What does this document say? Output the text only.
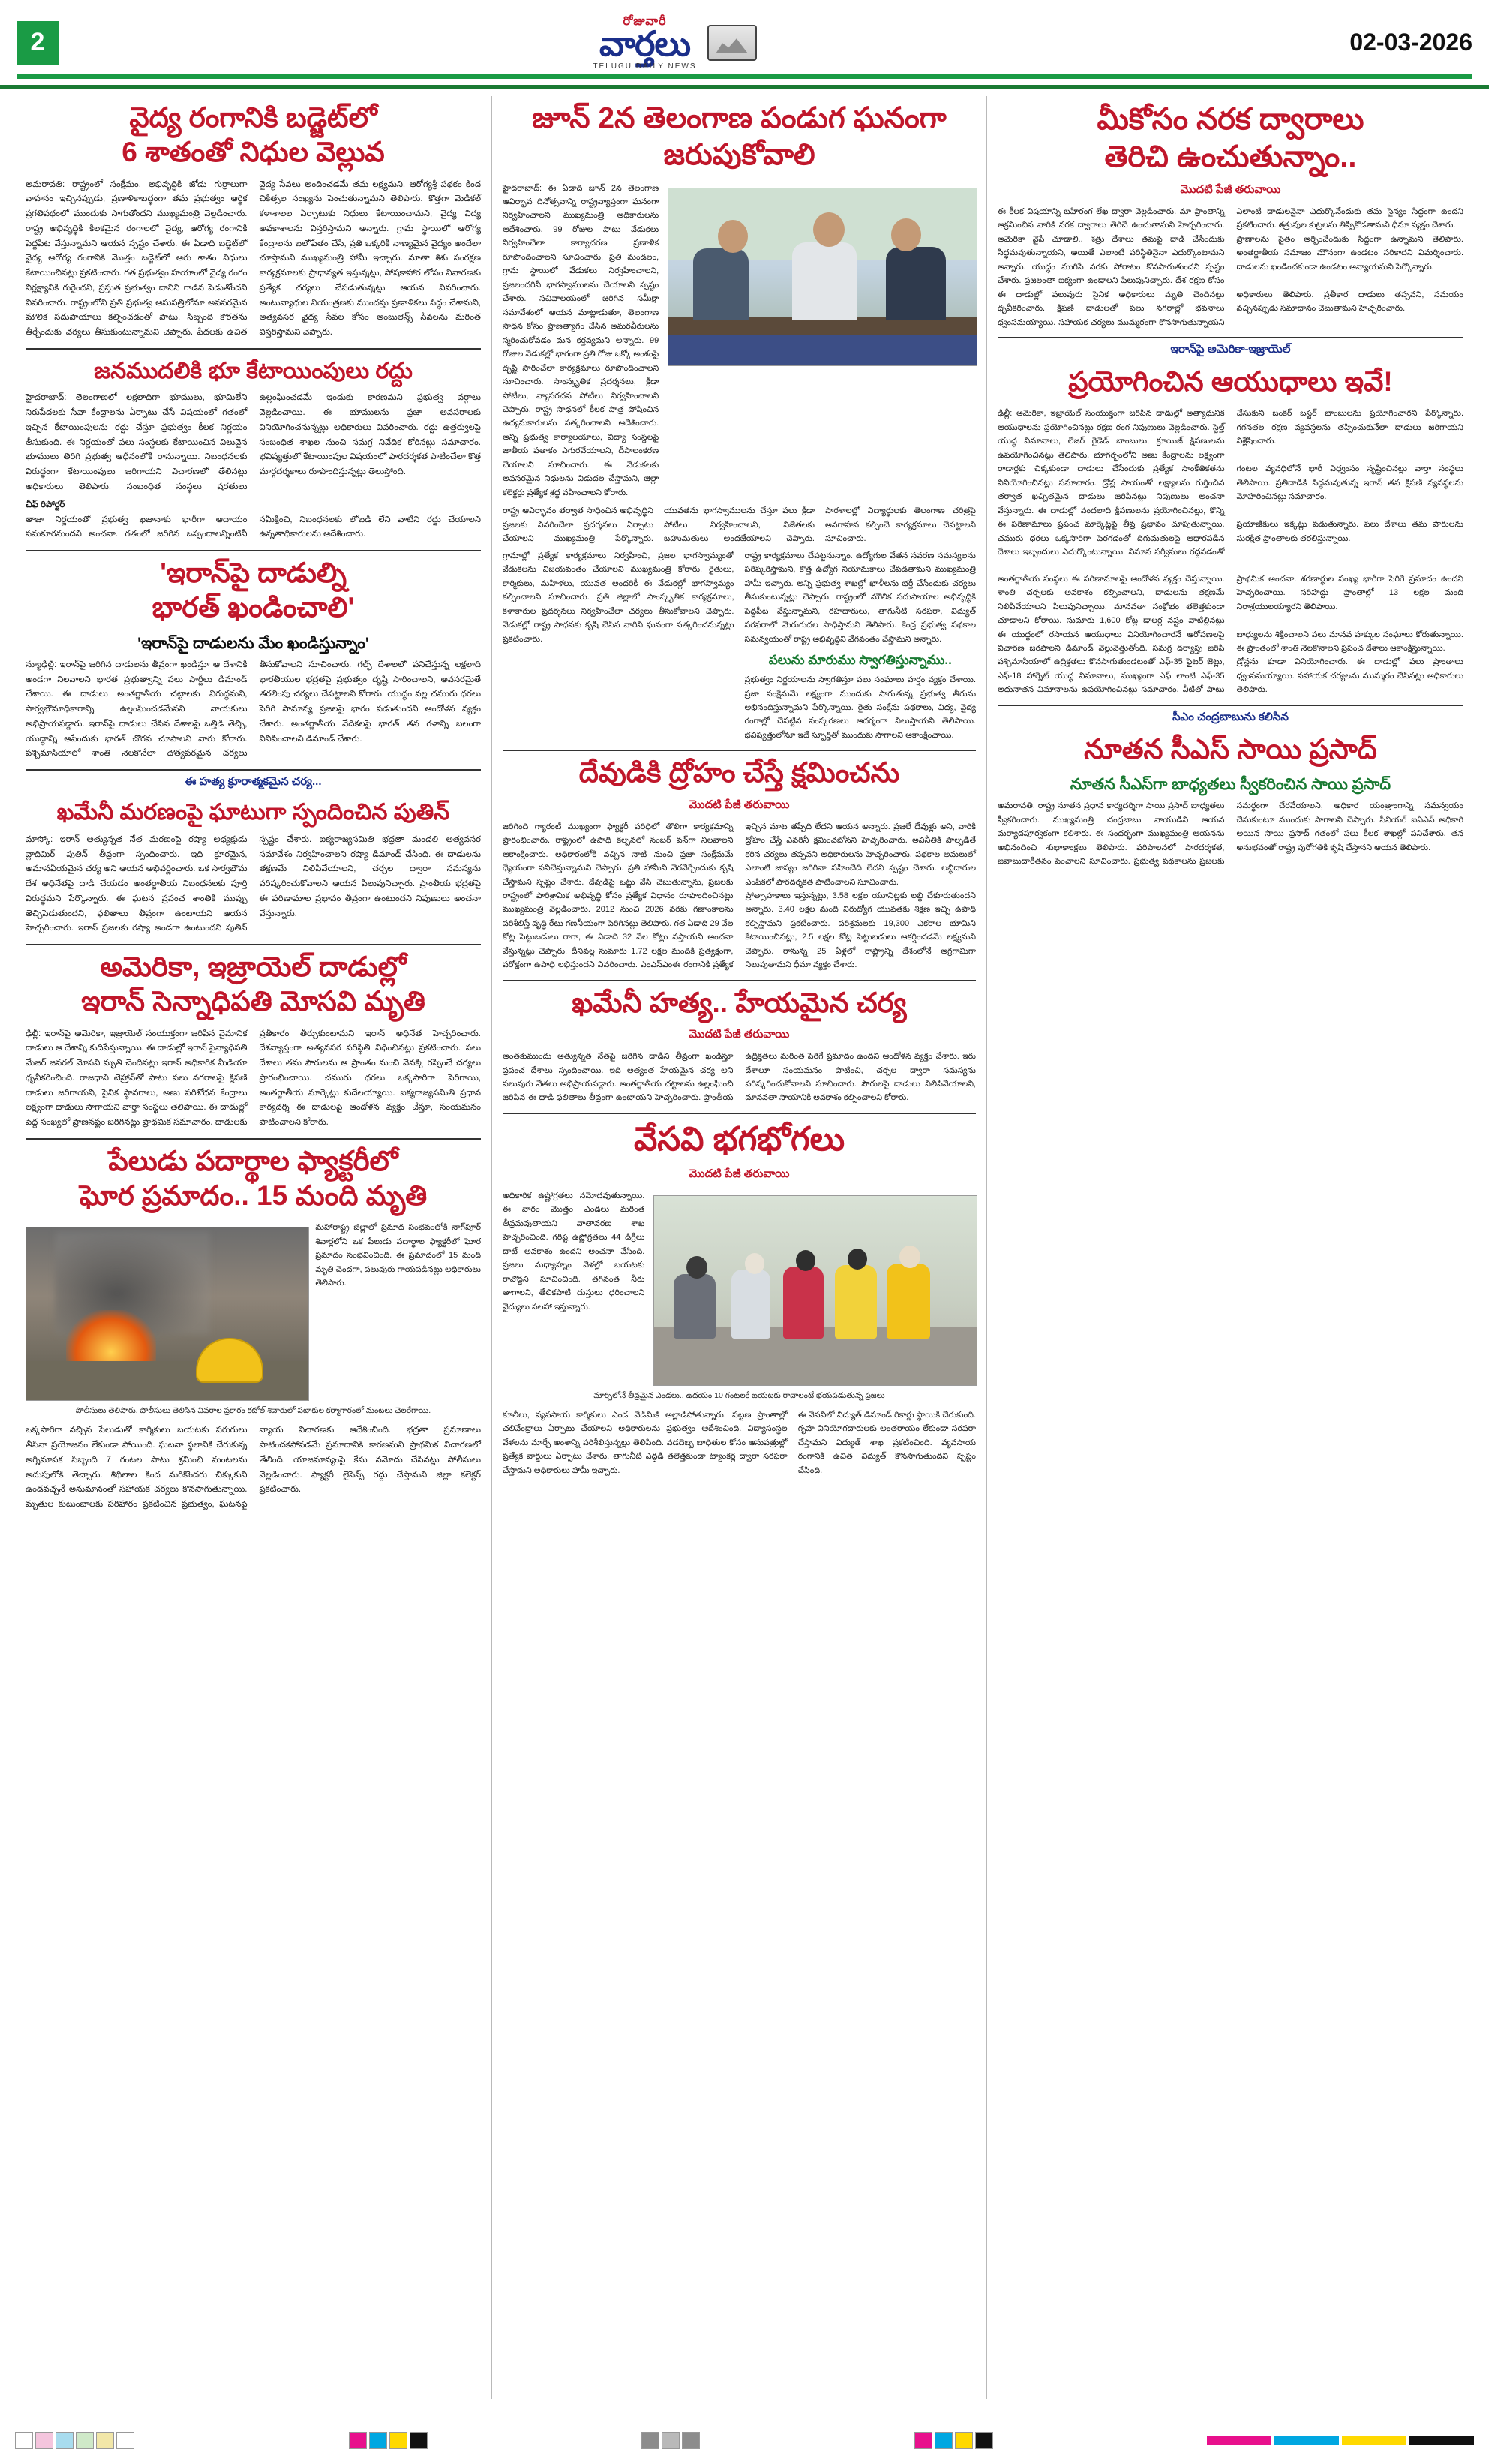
2
రోజువారీ
వార్తలు
TELUGU DAILY NEWS
02-03-2026
వైద్య రంగానికి బడ్జెట్‌లో
6 శాతంతో నిధుల వెల్లువ
అమరావతి: రాష్ట్రంలో సంక్షేమం, అభివృద్ధికి జోడు గుర్రాలుగా వాహనం ఇచ్చినప్పుడు, ప్రణాళికాబద్ధంగా తమ ప్రభుత్వం ఆర్థిక ప్రగతిపథంలో ముందుకు సాగుతోందని ముఖ్యమంత్రి వెల్లడించారు. రాష్ట్ర అభివృద్ధికి కీలకమైన రంగాలలో వైద్య, ఆరోగ్య రంగానికి పెద్దపీట వేస్తున్నామని ఆయన స్పష్టం చేశారు. ఈ ఏడాది బడ్జెట్‌లో వైద్య ఆరోగ్య రంగానికి మొత్తం బడ్జెట్‌లో ఆరు శాతం నిధులు కేటాయించినట్లు ప్రకటించారు. గత ప్రభుత్వం హయాంలో వైద్య రంగం నిర్లక్ష్యానికి గురైందని, ప్రస్తుత ప్రభుత్వం దానిని గాడిన పెడుతోందని వివరించారు. రాష్ట్రంలోని ప్రతి ప్రభుత్వ ఆసుపత్రిలోనూ అవసరమైన మౌలిక సదుపాయాలు కల్పించడంతో పాటు, సిబ్బంది కొరతను తీర్చేందుకు చర్యలు తీసుకుంటున్నామని చెప్పారు. పేదలకు ఉచిత వైద్య సేవలు అందించడమే తమ లక్ష్యమని, ఆరోగ్యశ్రీ పథకం కింద చికిత్సల సంఖ్యను పెంచుతున్నామని తెలిపారు. కొత్తగా మెడికల్ కళాశాలల ఏర్పాటుకు నిధులు కేటాయించామని, వైద్య విద్య అవకాశాలను విస్తరిస్తామని అన్నారు. గ్రామ స్థాయిలో ఆరోగ్య కేంద్రాలను బలోపేతం చేసి, ప్రతి ఒక్కరికీ నాణ్యమైన వైద్యం అందేలా చూస్తామని ముఖ్యమంత్రి హామీ ఇచ్చారు. మాతా శిశు సంరక్షణ కార్యక్రమాలకు ప్రాధాన్యత ఇస్తున్నట్లు, పోషకాహార లోపం నివారణకు ప్రత్యేక చర్యలు చేపడుతున్నట్లు ఆయన వివరించారు. అంటువ్యాధుల నియంత్రణకు ముందస్తు ప్రణాళికలు సిద్ధం చేశామని, అత్యవసర వైద్య సేవల కోసం అంబులెన్స్ సేవలను మరింత విస్తరిస్తామని చెప్పారు.
జనముదలికి భూ కేటాయింపులు రద్దు
హైదరాబాద్: తెలంగాణలో లక్షలాదిగా భూములు, భూమిలేని నిరుపేదలకు సేవా కేంద్రాలను ఏర్పాటు చేసే విషయంలో గతంలో ఇచ్చిన కేటాయింపులను రద్దు చేస్తూ ప్రభుత్వం కీలక నిర్ణయం తీసుకుంది. ఈ నిర్ణయంతో పలు సంస్థలకు కేటాయించిన విలువైన భూములు తిరిగి ప్రభుత్వ ఆధీనంలోకి రానున్నాయి. నిబంధనలకు విరుద్ధంగా కేటాయింపులు జరిగాయని విచారణలో తేలినట్లు అధికారులు తెలిపారు. సంబంధిత సంస్థలు షరతులు ఉల్లంఘించడమే ఇందుకు కారణమని ప్రభుత్వ వర్గాలు వెల్లడించాయి. ఈ భూములను ప్రజా అవసరాలకు వినియోగించనున్నట్లు అధికారులు వివరించారు. రద్దు ఉత్తర్వులపై సంబంధిత శాఖల నుంచి సమగ్ర నివేదిక కోరినట్లు సమాచారం. భవిష్యత్తులో కేటాయింపుల విషయంలో పారదర్శకత పాటించేలా కొత్త మార్గదర్శకాలు రూపొందిస్తున్నట్లు తెలుస్తోంది.
చీఫ్ రిపోర్టర్
తాజా నిర్ణయంతో ప్రభుత్వ ఖజానాకు భారీగా ఆదాయం సమకూరనుందని అంచనా. గతంలో జరిగిన ఒప్పందాలన్నింటినీ సమీక్షించి, నిబంధనలకు లోబడి లేని వాటిని రద్దు చేయాలని ఉన్నతాధికారులను ఆదేశించారు.
'ఇరాన్‌పై దాడుల్ని
భారత్ ఖండించాలి'
'ఇరాన్‌పై దాడులను మేం ఖండిస్తున్నాం'
న్యూఢిల్లీ: ఇరాన్‌పై జరిగిన దాడులను తీవ్రంగా ఖండిస్తూ ఆ దేశానికి అండగా నిలవాలని భారత ప్రభుత్వాన్ని పలు పార్టీలు డిమాండ్ చేశాయి. ఈ దాడులు అంతర్జాతీయ చట్టాలకు విరుద్ధమని, సార్వభౌమాధికారాన్ని ఉల్లంఘించడమేనని నాయకులు అభిప్రాయపడ్డారు. ఇరాన్‌పై దాడులు చేసిన దేశాలపై ఒత్తిడి తెచ్చి, యుద్ధాన్ని ఆపేందుకు భారత్ చొరవ చూపాలని వారు కోరారు. పశ్చిమాసియాలో శాంతి నెలకొనేలా దౌత్యపరమైన చర్యలు తీసుకోవాలని సూచించారు. గల్ఫ్ దేశాలలో పనిచేస్తున్న లక్షలాది భారతీయుల భద్రతపై ప్రభుత్వం దృష్టి సారించాలని, అవసరమైతే తరలింపు చర్యలు చేపట్టాలని కోరారు. యుద్ధం వల్ల చమురు ధరలు పెరిగి సామాన్య ప్రజలపై భారం పడుతుందని ఆందోళన వ్యక్తం చేశారు. అంతర్జాతీయ వేదికలపై భారత్ తన గళాన్ని బలంగా వినిపించాలని డిమాండ్ చేశారు.
ఈ హత్య క్రూరాత్మకమైన చర్య...
ఖమేనీ మరణంపై ఘాటుగా స్పందించిన పుతిన్
మాస్కో: ఇరాన్ అత్యున్నత నేత మరణంపై రష్యా అధ్యక్షుడు వ్లాదిమిర్ పుతిన్ తీవ్రంగా స్పందించారు. ఇది క్రూరమైన, అమానవీయమైన చర్య అని ఆయన అభివర్ణించారు. ఒక సార్వభౌమ దేశ అధినేతపై దాడి చేయడం అంతర్జాతీయ నిబంధనలకు పూర్తి విరుద్ధమని పేర్కొన్నారు. ఈ ఘటన ప్రపంచ శాంతికి ముప్పు తెచ్చిపెడుతుందని, ఫలితాలు తీవ్రంగా ఉంటాయని ఆయన హెచ్చరించారు. ఇరాన్ ప్రజలకు రష్యా అండగా ఉంటుందని పుతిన్ స్పష్టం చేశారు. ఐక్యరాజ్యసమితి భద్రతా మండలి అత్యవసర సమావేశం నిర్వహించాలని రష్యా డిమాండ్ చేసింది. ఈ దాడులను తక్షణమే నిలిపివేయాలని, చర్చల ద్వారా సమస్యను పరిష్కరించుకోవాలని ఆయన పిలుపునిచ్చారు. ప్రాంతీయ భద్రతపై ఈ పరిణామాల ప్రభావం తీవ్రంగా ఉంటుందని నిపుణులు అంచనా వేస్తున్నారు.
అమెరికా, ఇజ్రాయెల్ దాడుల్లో
ఇరాన్ సెన్నాధిపతి మోసవి మృతి
ఢిల్లీ: ఇరాన్‌పై అమెరికా, ఇజ్రాయెల్ సంయుక్తంగా జరిపిన వైమానిక దాడులు ఆ దేశాన్ని కుదిపేస్తున్నాయి. ఈ దాడుల్లో ఇరాన్ సైన్యాధిపతి మేజర్ జనరల్ మోసవి మృతి చెందినట్లు ఇరాన్ అధికారిక మీడియా ధృవీకరించింది. రాజధాని టెహ్రాన్‌తో పాటు పలు నగరాలపై క్షిపణి దాడులు జరిగాయని, సైనిక స్థావరాలు, అణు పరిశోధన కేంద్రాలు లక్ష్యంగా దాడులు సాగాయని వార్తా సంస్థలు తెలిపాయి. ఈ దాడుల్లో పెద్ద సంఖ్యలో ప్రాణనష్టం జరిగినట్లు ప్రాథమిక సమాచారం. దాడులకు ప్రతీకారం తీర్చుకుంటామని ఇరాన్ అధినేత హెచ్చరించారు. దేశవ్యాప్తంగా అత్యవసర పరిస్థితి విధించినట్లు ప్రకటించారు. పలు దేశాలు తమ పౌరులను ఆ ప్రాంతం నుంచి వెనక్కి రప్పించే చర్యలు ప్రారంభించాయి. చమురు ధరలు ఒక్కసారిగా పెరిగాయి, అంతర్జాతీయ మార్కెట్లు కుదేలయ్యాయి. ఐక్యరాజ్యసమితి ప్రధాన కార్యదర్శి ఈ దాడులపై ఆందోళన వ్యక్తం చేస్తూ, సంయమనం పాటించాలని కోరారు.
పేలుడు పదార్థాల ఫ్యాక్టరీలో
ఘోర ప్రమాదం.. 15 మంది మృతి
మహారాష్ట్ర జిల్లాలో ప్రమాద సంభవంలోకి నాగ్‌పూర్ శివార్లలోని ఒక పేలుడు పదార్థాల ఫ్యాక్టరీలో ఘోర ప్రమాదం సంభవించింది. ఈ ప్రమాదంలో 15 మంది మృతి చెందగా, పలువురు గాయపడినట్లు అధికారులు తెలిపారు.
పోలీసులు తెలిపారు. పోలీసులు తెలిసిన వివరాల ప్రకారం కటోల్ శివారులో పటాకుల కర్మాగారంలో మంటలు చెలరేగాయి.
ఒక్కసారిగా వచ్చిన పేలుడుతో కార్మికులు బయటకు పరుగులు తీసినా ప్రయోజనం లేకుండా పోయింది. ఘటనా స్థలానికి చేరుకున్న అగ్నిమాపక సిబ్బంది 7 గంటల పాటు శ్రమించి మంటలను అదుపులోకి తెచ్చారు. శిథిలాల కింద మరికొందరు చిక్కుకుని ఉండవచ్చనే అనుమానంతో సహాయక చర్యలు కొనసాగుతున్నాయి. మృతుల కుటుంబాలకు పరిహారం ప్రకటించిన ప్రభుత్వం, ఘటనపై న్యాయ విచారణకు ఆదేశించింది. భద్రతా ప్రమాణాలు పాటించకపోవడమే ప్రమాదానికి కారణమని ప్రాథమిక విచారణలో తేలింది. యాజమాన్యంపై కేసు నమోదు చేసినట్లు పోలీసులు వెల్లడించారు. ఫ్యాక్టరీ లైసెన్స్ రద్దు చేస్తామని జిల్లా కలెక్టర్ ప్రకటించారు.
జూన్ 2న తెలంగాణ పండుగ ఘనంగా జరుపుకోవాలి
హైదరాబాద్: ఈ ఏడాది జూన్ 2న తెలంగాణ ఆవిర్భావ దినోత్సవాన్ని రాష్ట్రవ్యాప్తంగా ఘనంగా నిర్వహించాలని ముఖ్యమంత్రి అధికారులను ఆదేశించారు. 99 రోజుల పాటు వేడుకలు నిర్వహించేలా కార్యాచరణ ప్రణాళిక రూపొందించాలని సూచించారు. ప్రతి మండలం, గ్రామ స్థాయిలో వేడుకలు నిర్వహించాలని, ప్రజలందరినీ భాగస్వాములను చేయాలని స్పష్టం చేశారు. సచివాలయంలో జరిగిన సమీక్షా సమావేశంలో ఆయన మాట్లాడుతూ, తెలంగాణ సాధన కోసం ప్రాణత్యాగం చేసిన అమరవీరులను స్మరించుకోవడం మన కర్తవ్యమని అన్నారు. 99 రోజుల వేడుకల్లో భాగంగా ప్రతి రోజు ఒక్కో అంశంపై దృష్టి సారించేలా కార్యక్రమాలు రూపొందించాలని సూచించారు. సాంస్కృతిక ప్రదర్శనలు, క్రీడా పోటీలు, వ్యాసరచన పోటీలు నిర్వహించాలని చెప్పారు. రాష్ట్ర సాధనలో కీలక పాత్ర పోషించిన ఉద్యమకారులను సత్కరించాలని ఆదేశించారు. అన్ని ప్రభుత్వ కార్యాలయాలు, విద్యా సంస్థలపై జాతీయ పతాకం ఎగురవేయాలని, దీపాలంకరణ చేయాలని సూచించారు. ఈ వేడుకలకు అవసరమైన నిధులను విడుదల చేస్తామని, జిల్లా కలెక్టర్లు ప్రత్యేక శ్రద్ధ వహించాలని కోరారు.
రాష్ట్ర ఆవిర్భావం తర్వాత సాధించిన అభివృద్ధిని ప్రజలకు వివరించేలా ప్రదర్శనలు ఏర్పాటు చేయాలని ముఖ్యమంత్రి పేర్కొన్నారు. యువతను భాగస్వాములను చేస్తూ పలు క్రీడా పోటీలు నిర్వహించాలని, విజేతలకు బహుమతులు అందజేయాలని చెప్పారు. పాఠశాలల్లో విద్యార్థులకు తెలంగాణ చరిత్రపై అవగాహన కల్పించే కార్యక్రమాలు చేపట్టాలని సూచించారు.
గ్రామాల్లో ప్రత్యేక కార్యక్రమాలు నిర్వహించి, ప్రజల భాగస్వామ్యంతో వేడుకలను విజయవంతం చేయాలని ముఖ్యమంత్రి కోరారు. రైతులు, కార్మికులు, మహిళలు, యువత అందరికీ ఈ వేడుకల్లో భాగస్వామ్యం కల్పించాలని సూచించారు. ప్రతి జిల్లాలో సాంస్కృతిక కార్యక్రమాలు, కళాకారుల ప్రదర్శనలు నిర్వహించేలా చర్యలు తీసుకోవాలని చెప్పారు. వేడుకల్లో రాష్ట్ర సాధనకు కృషి చేసిన వారిని ఘనంగా సత్కరించనున్నట్లు ప్రకటించారు.
రాష్ట్ర కార్యక్రమాలు చేపట్టనున్నాం. ఉద్యోగుల వేతన సవరణ సమస్యలను పరిష్కరిస్తామని, కొత్త ఉద్యోగ నియామకాలు చేపడతామని ముఖ్యమంత్రి హామీ ఇచ్చారు. అన్ని ప్రభుత్వ శాఖల్లో ఖాళీలను భర్తీ చేసేందుకు చర్యలు తీసుకుంటున్నట్లు చెప్పారు. రాష్ట్రంలో మౌలిక సదుపాయాల అభివృద్ధికి పెద్దపీట వేస్తున్నామని, రహదారులు, తాగునీటి సరఫరా, విద్యుత్ సరఫరాలో మెరుగుదల సాధిస్తామని తెలిపారు. కేంద్ర ప్రభుత్వ పథకాల సమన్వయంతో రాష్ట్ర అభివృద్ధిని వేగవంతం చేస్తామని అన్నారు.
పలును మారుము స్వాగతిస్తున్నాము..
ప్రభుత్వం నిర్ణయాలను స్వాగతిస్తూ పలు సంఘాలు హర్షం వ్యక్తం చేశాయి. ప్రజా సంక్షేమమే లక్ష్యంగా ముందుకు సాగుతున్న ప్రభుత్వ తీరును అభినందిస్తున్నామని పేర్కొన్నాయి. రైతు సంక్షేమ పథకాలు, విద్య, వైద్య రంగాల్లో చేపట్టిన సంస్కరణలు ఆదర్శంగా నిలుస్తాయని తెలిపాయి. భవిష్యత్తులోనూ ఇదే స్ఫూర్తితో ముందుకు సాగాలని ఆకాంక్షించాయి.
దేవుడికి ద్రోహం చేస్తే క్షమించను
మొదటి పేజీ తరువాయి
జరిగింది గ్యారంటీ ముఖ్యంగా ఫ్యాక్టరీ పరిధిలో తొలిగా కార్యక్రమాన్ని ప్రారంభించారు. రాష్ట్రంలో ఉపాధి కల్పనలో నంబర్ వన్‌గా నిలవాలని ఆకాంక్షించారు. అధికారంలోకి వచ్చిన నాటి నుంచి ప్రజా సంక్షేమమే ధ్యేయంగా పనిచేస్తున్నామని చెప్పారు. ప్రతి హామీని నెరవేర్చేందుకు కృషి చేస్తామని స్పష్టం చేశారు. దేవుడిపై ఒట్టు వేసి చెబుతున్నాను, ప్రజలకు ఇచ్చిన మాట తప్పేది లేదని ఆయన అన్నారు. ప్రజలే దేవుళ్లు అని, వారికి ద్రోహం చేస్తే ఎవరినీ క్షమించబోనని హెచ్చరించారు. అవినీతికి పాల్పడితే కఠిన చర్యలు తప్పవని అధికారులను హెచ్చరించారు. పథకాల అమలులో ఎలాంటి జాప్యం జరిగినా సహించేది లేదని స్పష్టం చేశారు. లబ్ధిదారుల ఎంపికలో పారదర్శకత పాటించాలని సూచించారు.
రాష్ట్రంలో పారిశ్రామిక అభివృద్ధి కోసం ప్రత్యేక విధానం రూపొందించినట్లు ముఖ్యమంత్రి వెల్లడించారు. 2012 నుంచి 2026 వరకు గణాంకాలను పరిశీలిస్తే వృద్ధి రేటు గణనీయంగా పెరిగినట్లు తెలిపారు. గత ఏడాది 29 వేల కోట్ల పెట్టుబడులు రాగా, ఈ ఏడాది 32 వేల కోట్లు వస్తాయని అంచనా వేస్తున్నట్లు చెప్పారు. దీనివల్ల సుమారు 1.72 లక్షల మందికి ప్రత్యక్షంగా, పరోక్షంగా ఉపాధి లభిస్తుందని వివరించారు. ఎంఎస్ఎంఈ రంగానికి ప్రత్యేక ప్రోత్సాహకాలు ఇస్తున్నట్లు, 3.58 లక్షల యూనిట్లకు లబ్ధి చేకూరుతుందని అన్నారు. 3.40 లక్షల మంది నిరుద్యోగ యువతకు శిక్షణ ఇచ్చి ఉపాధి కల్పిస్తామని ప్రకటించారు. పరిశ్రమలకు 19,300 ఎకరాల భూమిని కేటాయించినట్లు, 2.5 లక్షల కోట్ల పెట్టుబడులు ఆకర్షించడమే లక్ష్యమని చెప్పారు. రానున్న 25 ఏళ్లలో రాష్ట్రాన్ని దేశంలోనే అగ్రగామిగా నిలుపుతామని ధీమా వ్యక్తం చేశారు.
ఖమేనీ హత్య.. హేయమైన చర్య
మొదటి పేజీ తరువాయి
అంతకుముందు అత్యున్నత నేతపై జరిగిన దాడిని తీవ్రంగా ఖండిస్తూ ప్రపంచ దేశాలు స్పందించాయి. ఇది అత్యంత హేయమైన చర్య అని పలువురు నేతలు అభిప్రాయపడ్డారు. అంతర్జాతీయ చట్టాలను ఉల్లంఘించి జరిపిన ఈ దాడి ఫలితాలు తీవ్రంగా ఉంటాయని హెచ్చరించారు. ప్రాంతీయ ఉద్రిక్తతలు మరింత పెరిగే ప్రమాదం ఉందని ఆందోళన వ్యక్తం చేశారు. ఇరు దేశాలూ సంయమనం పాటించి, చర్చల ద్వారా సమస్యను పరిష్కరించుకోవాలని సూచించారు. పౌరులపై దాడులు నిలిపివేయాలని, మానవతా సాయానికి అవకాశం కల్పించాలని కోరారు.
వేసవి భగభోగలు
మొదటి పేజీ తరువాయి
అధికారిక ఉష్ణోగ్రతలు నమోదవుతున్నాయి. ఈ వారం మొత్తం ఎండలు మరింత తీవ్రమవుతాయని వాతావరణ శాఖ హెచ్చరించింది. గరిష్ట ఉష్ణోగ్రతలు 44 డిగ్రీలు దాటే అవకాశం ఉందని అంచనా వేసింది. ప్రజలు మధ్యాహ్నం వేళల్లో బయటకు రావొద్దని సూచించింది. తగినంత నీరు తాగాలని, తేలికపాటి దుస్తులు ధరించాలని వైద్యులు సలహా ఇస్తున్నారు.
మార్చిలోనే తీవ్రమైన ఎండలు.. ఉదయం 10 గంటలకే బయటకు రావాలంటే భయపడుతున్న ప్రజలు
కూలీలు, వ్యవసాయ కార్మికులు ఎండ వేడిమికి అల్లాడిపోతున్నారు. పట్టణ ప్రాంతాల్లో చలివేంద్రాలు ఏర్పాటు చేయాలని అధికారులను ప్రభుత్వం ఆదేశించింది. విద్యాసంస్థల వేళలను మార్చే అంశాన్ని పరిశీలిస్తున్నట్లు తెలిపింది. వడదెబ్బ బాధితుల కోసం ఆసుపత్రుల్లో ప్రత్యేక వార్డులు ఏర్పాటు చేశారు. తాగునీటి ఎద్దడి తలెత్తకుండా ట్యాంకర్ల ద్వారా సరఫరా చేస్తామని అధికారులు హామీ ఇచ్చారు.
ఈ వేసవిలో విద్యుత్ డిమాండ్ రికార్డు స్థాయికి చేరుకుంది. గృహ వినియోగదారులకు అంతరాయం లేకుండా సరఫరా చేస్తామని విద్యుత్ శాఖ ప్రకటించింది. వ్యవసాయ రంగానికి ఉచిత విద్యుత్ కొనసాగుతుందని స్పష్టం చేసింది.
మీకోసం నరక ద్వారాలు
తెరిచి ఉంచుతున్నాం..
మొదటి పేజీ తరువాయి
ఈ కీలక విషయాన్ని బహిరంగ లేఖ ద్వారా వెల్లడించారు. మా ప్రాంతాన్ని ఆక్రమించిన వారికి నరక ద్వారాలు తెరిచే ఉంచుతామని హెచ్చరించారు. ఎలాంటి దాడులనైనా ఎదుర్కొనేందుకు తమ సైన్యం సిద్ధంగా ఉందని ప్రకటించారు. శత్రువుల కుట్రలను తిప్పికొడతామని ధీమా వ్యక్తం చేశారు.
అమెరికా వైపే చూడాలి.. శత్రు దేశాలు తమపై దాడి చేసేందుకు సిద్ధమవుతున్నాయని, అయితే ఎలాంటి పరిస్థితినైనా ఎదుర్కొంటామని అన్నారు. యుద్ధం ముగిసే వరకు పోరాటం కొనసాగుతుందని స్పష్టం చేశారు. ప్రజలంతా ఐక్యంగా ఉండాలని పిలుపునిచ్చారు. దేశ రక్షణ కోసం ప్రాణాలను సైతం అర్పించేందుకు సిద్ధంగా ఉన్నామని తెలిపారు. అంతర్జాతీయ సమాజం మౌనంగా ఉండటం సరికాదని విమర్శించారు. దాడులను ఖండించకుండా ఉండటం అన్యాయమని పేర్కొన్నారు.
ఈ దాడుల్లో పలువురు సైనిక అధికారులు మృతి చెందినట్లు ధృవీకరించారు. క్షిపణి దాడులతో పలు నగరాల్లో భవనాలు ధ్వంసమయ్యాయి. సహాయక చర్యలు ముమ్మరంగా కొనసాగుతున్నాయని అధికారులు తెలిపారు. ప్రతీకార దాడులు తప్పవని, సమయం వచ్చినప్పుడు సమాధానం చెబుతామని హెచ్చరించారు.
ఇరాన్‌పై అమెరికా-ఇజ్రాయెల్
ప్రయోగించిన ఆయుధాలు ఇవే!
ఢిల్లీ: అమెరికా, ఇజ్రాయెల్ సంయుక్తంగా జరిపిన దాడుల్లో అత్యాధునిక ఆయుధాలను ప్రయోగించినట్లు రక్షణ రంగ నిపుణులు వెల్లడించారు. స్టెల్త్ యుద్ధ విమానాలు, లేజర్ గైడెడ్ బాంబులు, క్రూయిజ్ క్షిపణులను ఉపయోగించినట్లు తెలిపారు. భూగర్భంలోని అణు కేంద్రాలను లక్ష్యంగా చేసుకుని బంకర్ బస్టర్ బాంబులను ప్రయోగించారని పేర్కొన్నారు. గగనతల రక్షణ వ్యవస్థలను తప్పించుకునేలా దాడులు జరిగాయని విశ్లేషించారు.
రాడార్లకు చిక్కకుండా దాడులు చేసేందుకు ప్రత్యేక సాంకేతికతను వినియోగించినట్లు సమాచారం. డ్రోన్ల సాయంతో లక్ష్యాలను గుర్తించిన తర్వాత ఖచ్చితమైన దాడులు జరిపినట్లు నిపుణులు అంచనా వేస్తున్నారు. ఈ దాడుల్లో వందలాది క్షిపణులను ప్రయోగించినట్లు, కొన్ని గంటల వ్యవధిలోనే భారీ విధ్వంసం సృష్టించినట్లు వార్తా సంస్థలు తెలిపాయి. ప్రతిదాడికి సిద్ధమవుతున్న ఇరాన్ తన క్షిపణి వ్యవస్థలను మోహరించినట్లు సమాచారం.
ఈ పరిణామాలు ప్రపంచ మార్కెట్లపై తీవ్ర ప్రభావం చూపుతున్నాయి. చమురు ధరలు ఒక్కసారిగా పెరగడంతో దిగుమతులపై ఆధారపడిన దేశాలు ఇబ్బందులు ఎదుర్కొంటున్నాయి. విమాన సర్వీసులు రద్దవడంతో ప్రయాణికులు ఇక్కట్లు పడుతున్నారు. పలు దేశాలు తమ పౌరులను సురక్షిత ప్రాంతాలకు తరలిస్తున్నాయి.
అంతర్జాతీయ సంస్థలు ఈ పరిణామాలపై ఆందోళన వ్యక్తం చేస్తున్నాయి. శాంతి చర్చలకు అవకాశం కల్పించాలని, దాడులను తక్షణమే నిలిపివేయాలని పిలుపునిచ్చాయి. మానవతా సంక్షోభం తలెత్తకుండా చూడాలని కోరాయి. సుమారు 1,600 కోట్ల డాలర్ల నష్టం వాటిల్లినట్లు ప్రాథమిక అంచనా. శరణార్థుల సంఖ్య భారీగా పెరిగే ప్రమాదం ఉందని హెచ్చరించాయి. సరిహద్దు ప్రాంతాల్లో 13 లక్షల మంది నిరాశ్రయులయ్యారని తెలిపాయి.
ఈ యుద్ధంలో రసాయన ఆయుధాలు వినియోగించారనే ఆరోపణలపై విచారణ జరపాలని డిమాండ్ వెల్లువెత్తుతోంది. సమగ్ర దర్యాప్తు జరిపి బాధ్యులను శిక్షించాలని పలు మానవ హక్కుల సంఘాలు కోరుతున్నాయి. ఈ ప్రాంతంలో శాంతి నెలకొనాలని ప్రపంచ దేశాలు ఆకాంక్షిస్తున్నాయి.
పశ్చిమాసియాలో ఉద్రిక్తతలు కొనసాగుతుండటంతో ఎఫ్-35 ఫైటర్ జెట్లు, ఎఫ్-18 హార్నెట్ యుద్ధ విమానాలు, ముఖ్యంగా ఎఫ్ లాంటి ఎఫ్-35 అధునాతన విమానాలను ఉపయోగించినట్లు సమాచారం. వీటితో పాటు డ్రోన్లను కూడా వినియోగించారు. ఈ దాడుల్లో పలు ప్రాంతాలు ధ్వంసమయ్యాయి. సహాయక చర్యలను ముమ్మరం చేసినట్లు అధికారులు తెలిపారు.
సీఎం చంద్రబాబును కలిసిన
నూతన సీఎస్ సాయి ప్రసాద్
నూతన సీఎస్‌గా బాధ్యతలు స్వీకరించిన సాయి ప్రసాద్
అమరావతి: రాష్ట్ర నూతన ప్రధాన కార్యదర్శిగా సాయి ప్రసాద్ బాధ్యతలు స్వీకరించారు. ముఖ్యమంత్రి చంద్రబాబు నాయుడిని ఆయన మర్యాదపూర్వకంగా కలిశారు. ఈ సందర్భంగా ముఖ్యమంత్రి ఆయనను అభినందించి శుభాకాంక్షలు తెలిపారు. పరిపాలనలో పారదర్శకత, జవాబుదారీతనం పెంచాలని సూచించారు. ప్రభుత్వ పథకాలను ప్రజలకు సమర్థంగా చేరవేయాలని, అధికార యంత్రాంగాన్ని సమన్వయం చేసుకుంటూ ముందుకు సాగాలని చెప్పారు. సీనియర్ ఐఏఎస్ అధికారి అయిన సాయి ప్రసాద్ గతంలో పలు కీలక శాఖల్లో పనిచేశారు. తన అనుభవంతో రాష్ట్ర పురోగతికి కృషి చేస్తానని ఆయన తెలిపారు.
